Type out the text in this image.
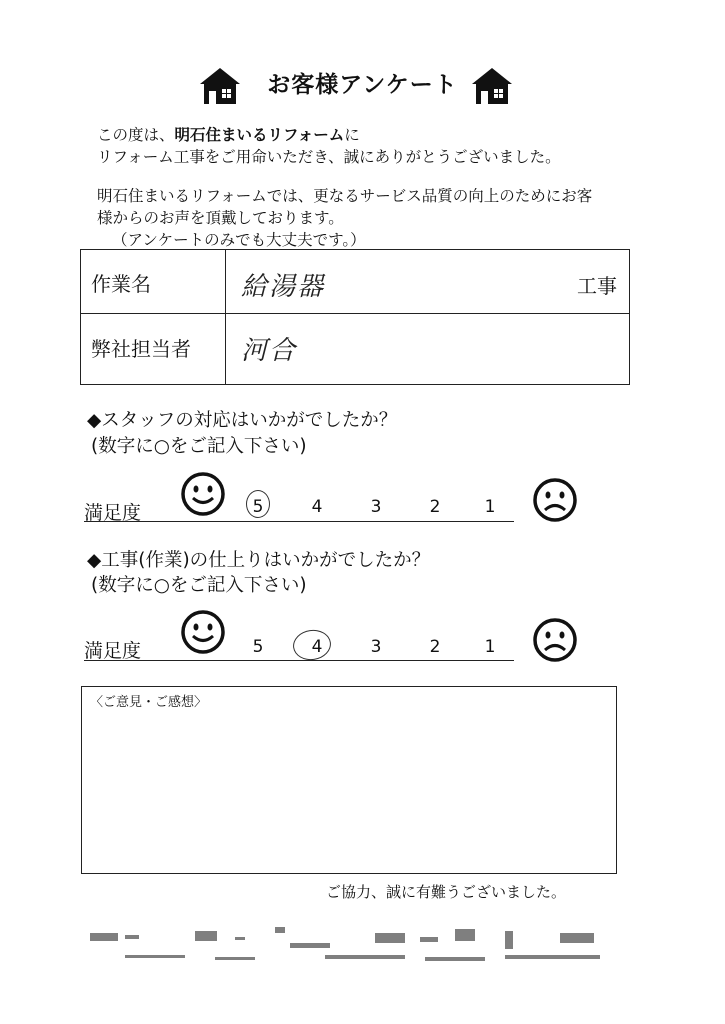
お客様アンケート
この度は、明石住まいるリフォームに
リフォーム工事をご用命いただき、誠にありがとうございました。
明石住まいるリフォームでは、更なるサービス品質の向上のためにお客
様からのお声を頂戴しております。
（アンケートのみでも大丈夫です。）
作業名	給湯器	工事
弊社担当者 河合
◆スタッフの対応はいかがでしたか？
(数字に○をご記入下さい)
満足度	5	4	3	2	1
◆工事(作業)の仕上りはいかがでしたか？
(数字に○をご記入下さい)
満足度	5	4	3	2	1
〈ご意見・ご感想〉
ご協力、誠に有難うございました。
